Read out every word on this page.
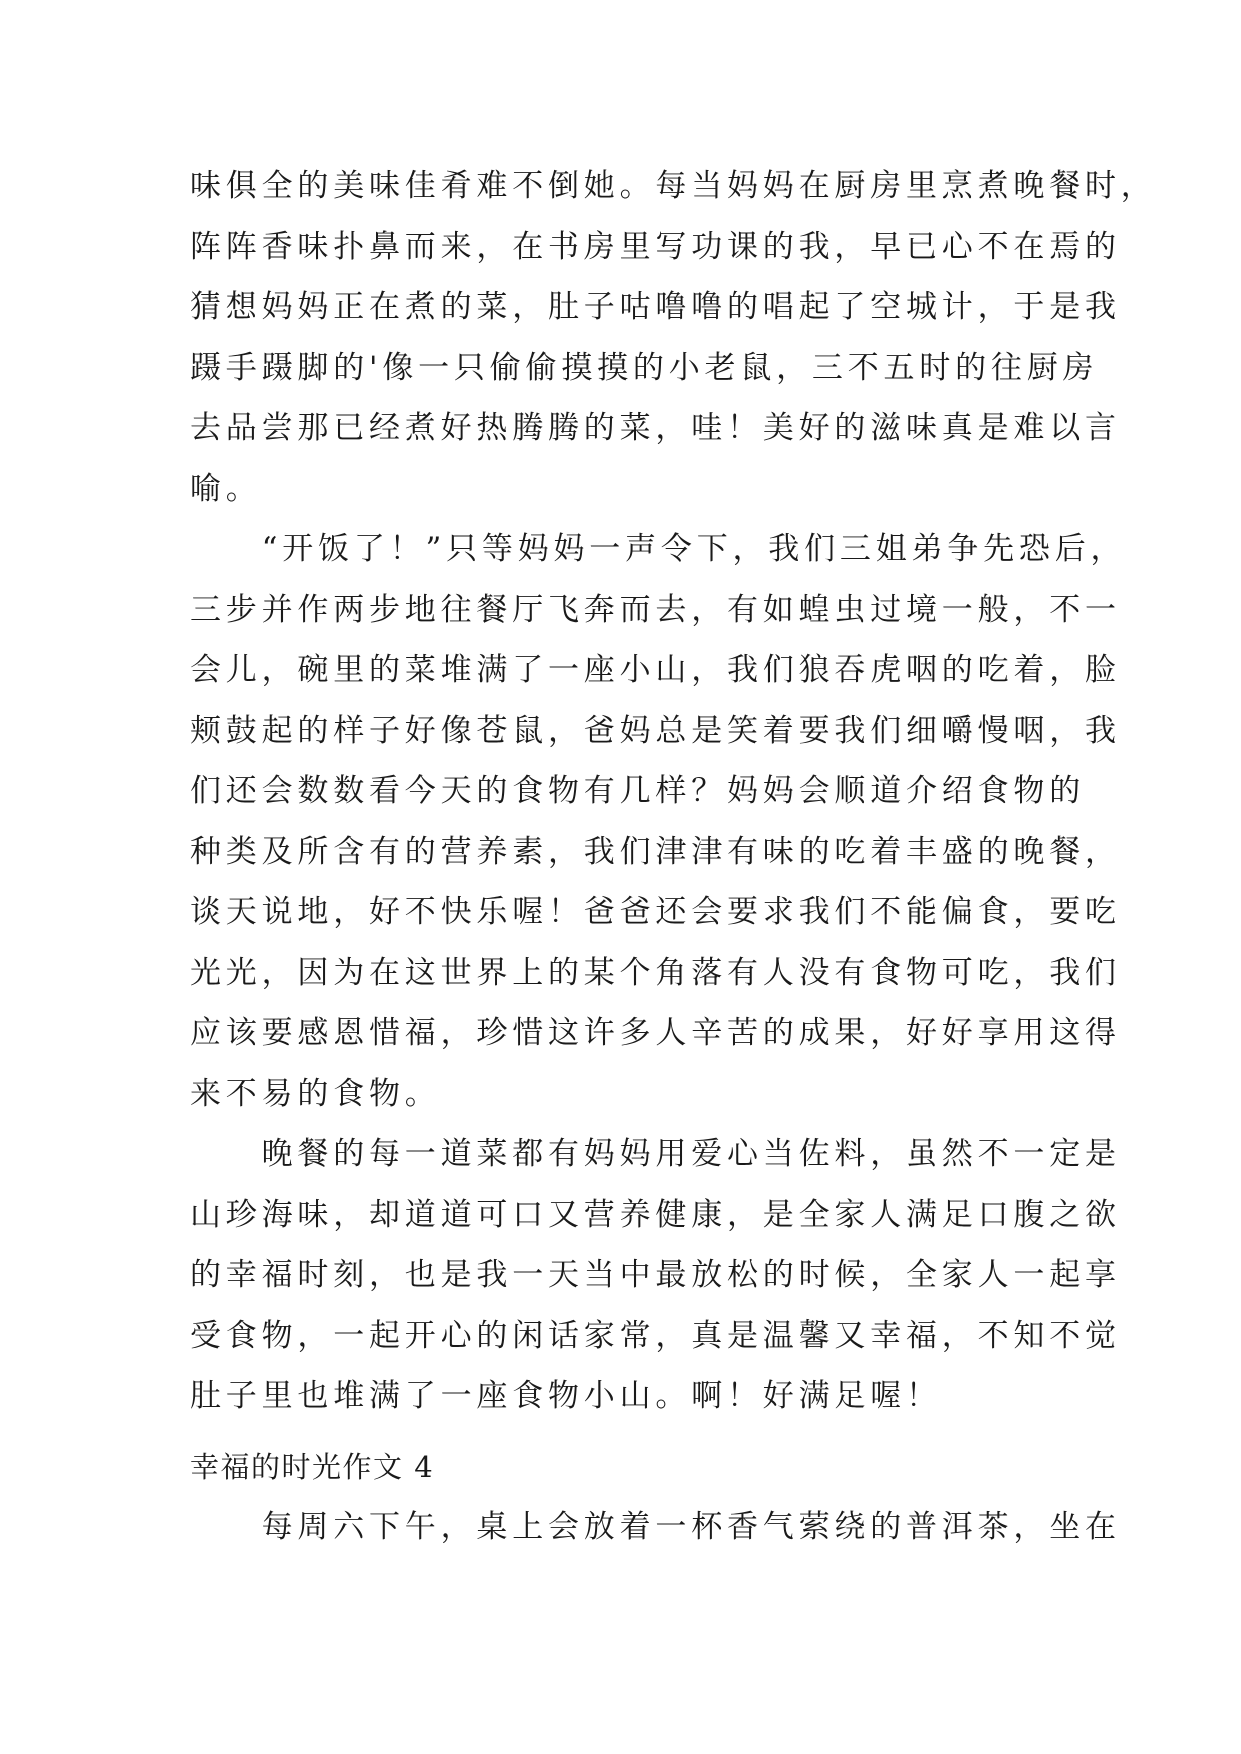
味俱全的美味佳肴难不倒她。每当妈妈在厨房里烹煮晚餐时，
阵阵香味扑鼻而来，在书房里写功课的我，早已心不在焉的
猜想妈妈正在煮的菜，肚子咕噜噜的唱起了空城计，于是我
蹑手蹑脚的'像一只偷偷摸摸的小老鼠，三不五时的往厨房
去品尝那已经煮好热腾腾的菜，哇！美好的滋味真是难以言
喻。
　　“开饭了！”只等妈妈一声令下，我们三姐弟争先恐后，
三步并作两步地往餐厅飞奔而去，有如蝗虫过境一般，不一
会儿，碗里的菜堆满了一座小山，我们狼吞虎咽的吃着，脸
颊鼓起的样子好像苍鼠，爸妈总是笑着要我们细嚼慢咽，我
们还会数数看今天的食物有几样？妈妈会顺道介绍食物的
种类及所含有的营养素，我们津津有味的吃着丰盛的晚餐，
谈天说地，好不快乐喔！爸爸还会要求我们不能偏食，要吃
光光，因为在这世界上的某个角落有人没有食物可吃，我们
应该要感恩惜福，珍惜这许多人辛苦的成果，好好享用这得
来不易的食物。
　　晚餐的每一道菜都有妈妈用爱心当佐料，虽然不一定是
山珍海味，却道道可口又营养健康，是全家人满足口腹之欲
的幸福时刻，也是我一天当中最放松的时候，全家人一起享
受食物，一起开心的闲话家常，真是温馨又幸福，不知不觉
肚子里也堆满了一座食物小山。啊！好满足喔！
幸福的时光作文 4
　　每周六下午，桌上会放着一杯香气萦绕的普洱茶，坐在
